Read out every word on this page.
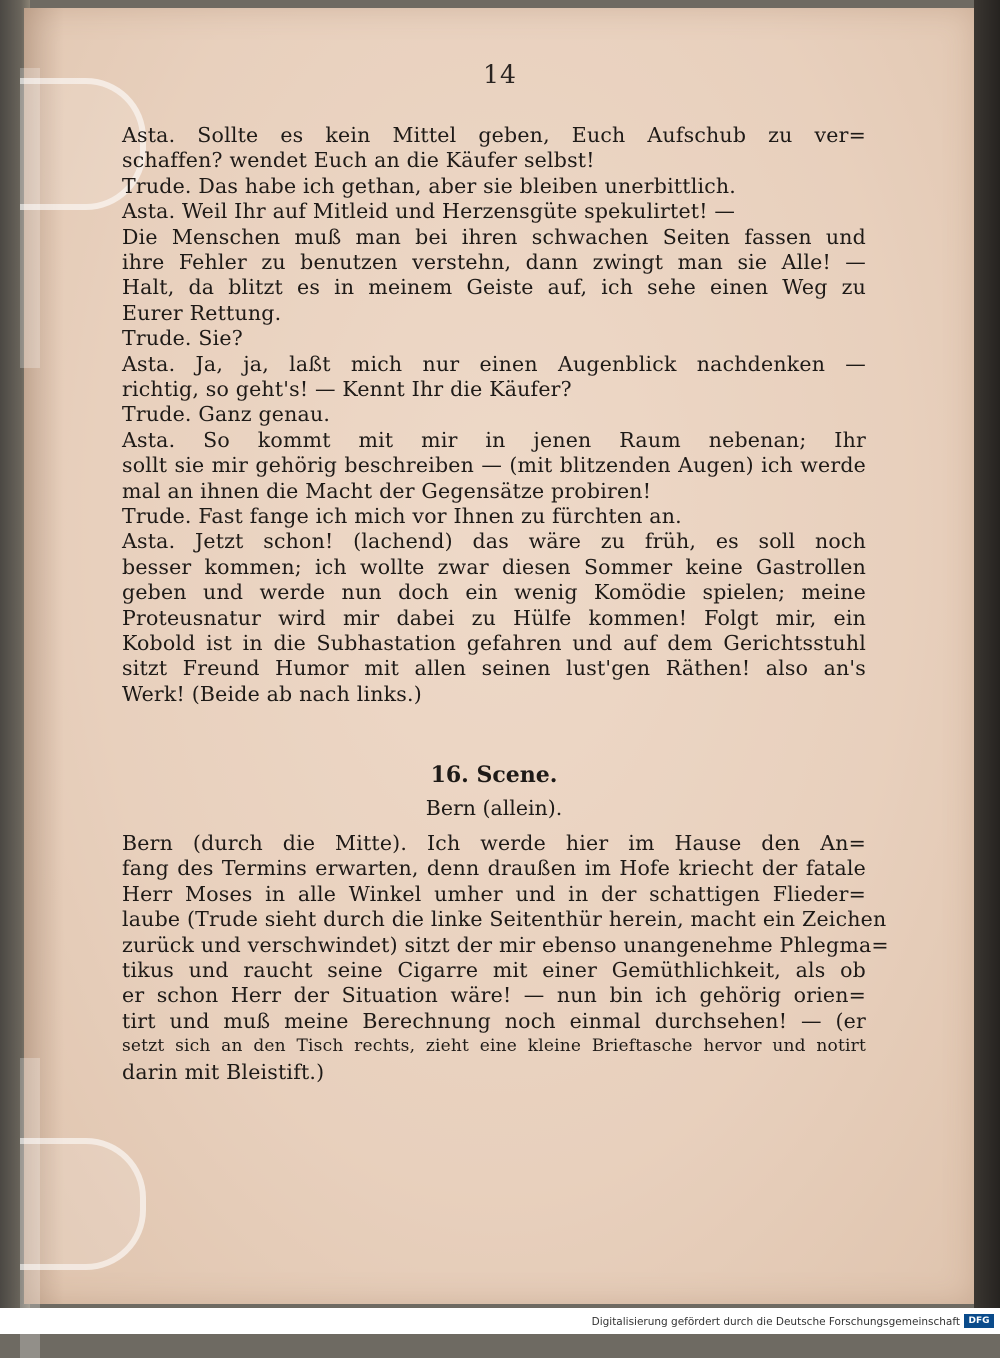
14
Asta. Sollte es kein Mittel geben, Euch Aufschub zu ver=
schaffen? wendet Euch an die Käufer selbst!
Trude. Das habe ich gethan, aber sie bleiben unerbittlich.
Asta. Weil Ihr auf Mitleid und Herzensgüte spekulirtet! —
Die Menschen muß man bei ihren schwachen Seiten fassen und
ihre Fehler zu benutzen verstehn, dann zwingt man sie Alle! —
Halt, da blitzt es in meinem Geiste auf, ich sehe einen Weg zu
Eurer Rettung.
Trude. Sie?
Asta. Ja, ja, laßt mich nur einen Augenblick nachdenken —
richtig, so geht's! — Kennt Ihr die Käufer?
Trude. Ganz genau.
Asta. So kommt mit mir in jenen Raum nebenan; Ihr
sollt sie mir gehörig beschreiben — (mit blitzenden Augen) ich werde
mal an ihnen die Macht der Gegensätze probiren!
Trude. Fast fange ich mich vor Ihnen zu fürchten an.
Asta. Jetzt schon! (lachend) das wäre zu früh, es soll noch
besser kommen; ich wollte zwar diesen Sommer keine Gastrollen
geben und werde nun doch ein wenig Komödie spielen; meine
Proteusnatur wird mir dabei zu Hülfe kommen! Folgt mir, ein
Kobold ist in die Subhastation gefahren und auf dem Gerichtsstuhl
sitzt Freund Humor mit allen seinen lust'gen Räthen! also an's
Werk! (Beide ab nach links.)
16. Scene.
Bern (allein).
Bern (durch die Mitte). Ich werde hier im Hause den An=
fang des Termins erwarten, denn draußen im Hofe kriecht der fatale
Herr Moses in alle Winkel umher und in der schattigen Flieder=
laube (Trude sieht durch die linke Seitenthür herein, macht ein Zeichen
zurück und verschwindet) sitzt der mir ebenso unangenehme Phlegma=
tikus und raucht seine Cigarre mit einer Gemüthlichkeit, als ob
er schon Herr der Situation wäre! — nun bin ich gehörig orien=
tirt und muß meine Berechnung noch einmal durchsehen! — (er
setzt sich an den Tisch rechts, zieht eine kleine Brieftasche hervor und notirt
darin mit Bleistift.)
Digitalisierung gefördert durch die Deutsche Forschungsgemeinschaft DFG
